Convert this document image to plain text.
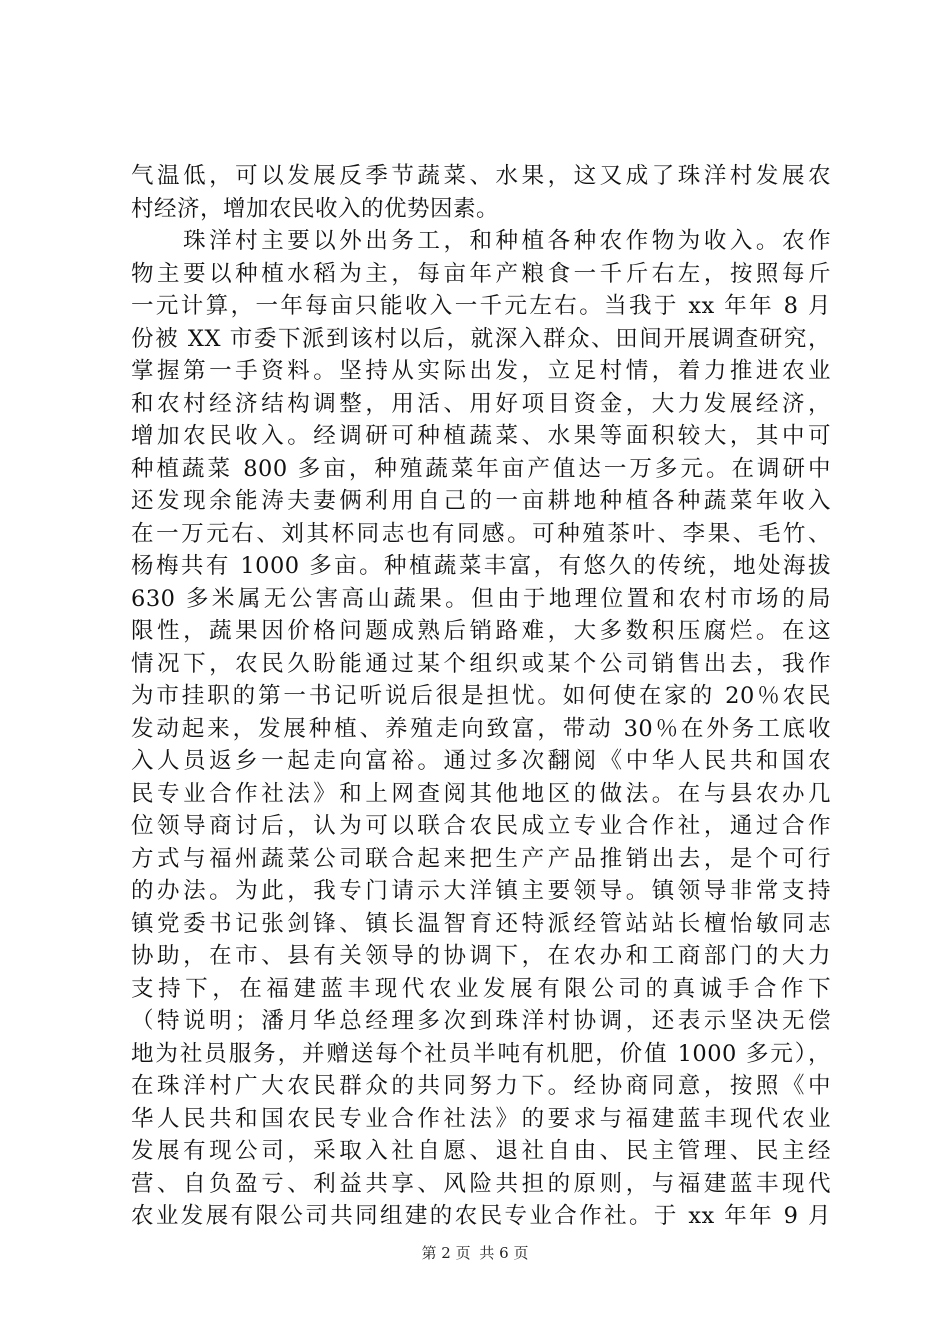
气温低，可以发展反季节蔬菜、水果，这又成了珠洋村发展农
村经济，增加农民收入的优势因素。
　　珠洋村主要以外出务工，和种植各种农作物为收入。农作
物主要以种植水稻为主，每亩年产粮食一千斤右左，按照每斤
一元计算，一年每亩只能收入一千元左右。当我于 xx 年年 8 月
份被 XX 市委下派到该村以后，就深入群众、田间开展调查研究，
掌握第一手资料。坚持从实际出发，立足村情，着力推进农业
和农村经济结构调整，用活、用好项目资金，大力发展经济，
增加农民收入。经调研可种植蔬菜、水果等面积较大，其中可
种植蔬菜 800 多亩，种殖蔬菜年亩产值达一万多元。在调研中
还发现余能涛夫妻俩利用自己的一亩耕地种植各种蔬菜年收入
在一万元右、刘其杯同志也有同感。可种殖茶叶、李果、毛竹、
杨梅共有 1000 多亩。种植蔬菜丰富，有悠久的传统，地处海拔
630 多米属无公害高山蔬果。但由于地理位置和农村市场的局
限性，蔬果因价格问题成熟后销路难，大多数积压腐烂。在这
情况下，农民久盼能通过某个组织或某个公司销售出去，我作
为市挂职的第一书记听说后很是担忧。如何使在家的 20％农民
发动起来，发展种植、养殖走向致富，带动 30％在外务工底收
入人员返乡一起走向富裕。通过多次翻阅《中华人民共和国农
民专业合作社法》和上网查阅其他地区的做法。在与县农办几
位领导商讨后，认为可以联合农民成立专业合作社，通过合作
方式与福州蔬菜公司联合起来把生产产品推销出去，是个可行
的办法。为此，我专门请示大洋镇主要领导。镇领导非常支持
镇党委书记张剑锋、镇长温智育还特派经管站站长檀怡敏同志
协助，在市、县有关领导的协调下，在农办和工商部门的大力
支持下，在福建蓝丰现代农业发展有限公司的真诚手合作下
（特说明；潘月华总经理多次到珠洋村协调，还表示坚决无偿
地为社员服务，并赠送每个社员半吨有机肥，价值 1000 多元），
在珠洋村广大农民群众的共同努力下。经协商同意，按照《中
华人民共和国农民专业合作社法》的要求与福建蓝丰现代农业
发展有现公司，采取入社自愿、退社自由、民主管理、民主经
营、自负盈亏、利益共享、风险共担的原则，与福建蓝丰现代
农业发展有限公司共同组建的农民专业合作社。于 xx 年年 9 月
第 2 页 共 6 页
